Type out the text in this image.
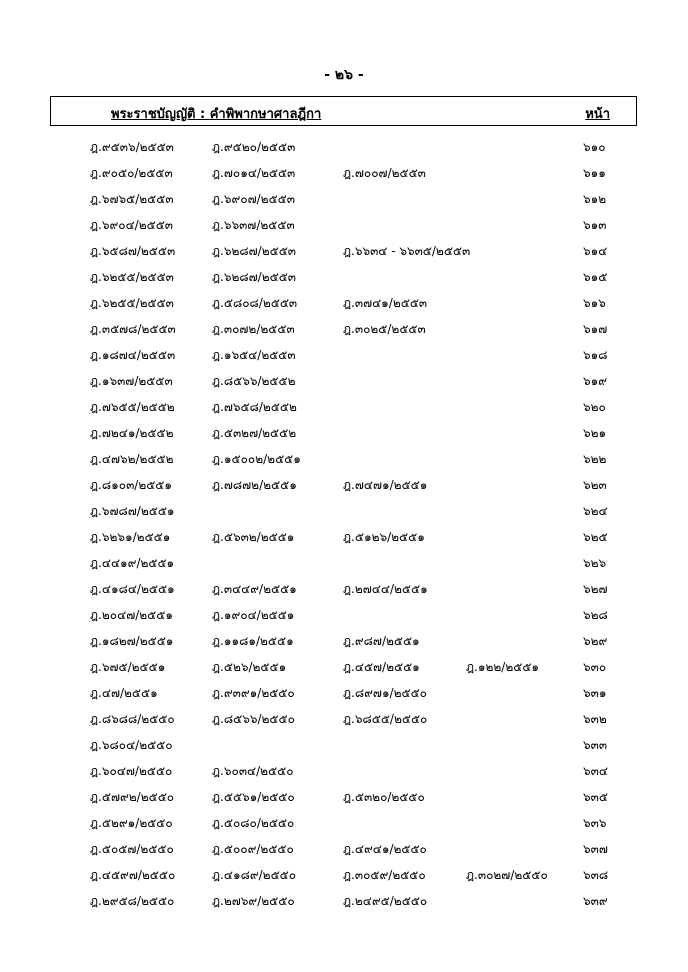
- ๒๖ -
พระราชบัญญัติ : คำพิพากษาศาลฎีกา	หน้า
ฎ.๙๕๓๖/๒๕๕๓	ฎ.๙๕๒๐/๒๕๕๓	๖๑๐
ฎ.๙๐๕๐/๒๕๕๓	ฎ.๗๐๑๔/๒๕๕๓	ฎ.๗๐๐๗/๒๕๕๓	๖๑๑
ฎ.๖๗๖๕/๒๕๕๓	ฎ.๖๙๐๗/๒๕๕๓	๖๑๒
ฎ.๖๙๐๔/๒๕๕๓	ฎ.๖๖๓๗/๒๕๕๓	๖๑๓
ฎ.๖๕๘๗/๒๕๕๓	ฎ.๖๒๘๗/๒๕๕๓	ฎ.๖๖๓๔ - ๖๖๓๕/๒๕๕๓	๖๑๔
ฎ.๖๒๕๕/๒๕๕๓	ฎ.๖๒๘๗/๒๕๕๓	๖๑๕
ฎ.๖๒๕๕/๒๕๕๓	ฎ.๕๘๐๘/๒๕๕๓	ฎ.๓๗๔๑/๒๕๕๓	๖๑๖
ฎ.๓๕๗๘/๒๕๕๓	ฎ.๓๐๗๒/๒๕๕๓	ฎ.๓๐๒๕/๒๕๕๓	๖๑๗
ฎ.๑๘๗๔/๒๕๕๓	ฎ.๑๖๕๔/๒๕๕๓	๖๑๘
ฎ.๑๖๓๗/๒๕๕๓	ฎ.๘๕๖๖/๒๕๕๒	๖๑๙
ฎ.๗๖๕๕/๒๕๕๒	ฎ.๗๖๕๘/๒๕๕๒	๖๒๐
ฎ.๗๒๔๑/๒๕๕๒	ฎ.๕๓๒๗/๒๕๕๒	๖๒๑
ฎ.๔๗๖๒/๒๕๕๒	ฎ.๑๕๐๐๒/๒๕๕๑	๖๒๒
ฎ.๘๑๐๓/๒๕๕๑	ฎ.๗๘๗๒/๒๕๕๑	ฎ.๗๔๗๑/๒๕๕๑	๖๒๓
ฎ.๖๗๘๗/๒๕๕๑	๖๒๔
ฎ.๖๒๖๑/๒๕๕๑	ฎ.๕๖๓๒/๒๕๕๑	ฎ.๕๑๒๖/๒๕๕๑	๖๒๕
ฎ.๔๔๑๙/๒๕๕๑	๖๒๖
ฎ.๔๑๘๔/๒๕๕๑	ฎ.๓๔๔๙/๒๕๕๑	ฎ.๒๗๔๔/๒๕๕๑	๖๒๗
ฎ.๒๐๔๗/๒๕๕๑	ฎ.๑๙๐๔/๒๕๕๑	๖๒๘
ฎ.๑๘๒๗/๒๕๕๑	ฎ.๑๑๘๑/๒๕๕๑	ฎ.๙๘๗/๒๕๕๑	๖๒๙
ฎ.๖๗๕/๒๕๕๑	ฎ.๕๒๖/๒๕๕๑	ฎ.๔๕๗/๒๕๕๑	ฎ.๑๒๒/๒๕๕๑	๖๓๐
ฎ.๔๗/๒๕๕๑	ฎ.๙๓๙๑/๒๕๕๐	ฎ.๘๙๗๑/๒๕๕๐	๖๓๑
ฎ.๘๖๘๘/๒๕๕๐	ฎ.๘๕๖๖/๒๕๕๐	ฎ.๖๘๕๕/๒๕๕๐	๖๓๒
ฎ.๖๘๐๔/๒๕๕๐	๖๓๓
ฎ.๖๐๔๗/๒๕๕๐	ฎ.๖๐๓๔/๒๕๕๐	๖๓๔
ฎ.๕๗๙๒/๒๕๕๐	ฎ.๕๕๖๑/๒๕๕๐	ฎ.๕๓๒๐/๒๕๕๐	๖๓๕
ฎ.๕๒๙๑/๒๕๕๐	ฎ.๕๐๘๐/๒๕๕๐	๖๓๖
ฎ.๕๐๕๗/๒๕๕๐	ฎ.๕๐๐๙/๒๕๕๐	ฎ.๔๙๔๑/๒๕๕๐	๖๓๗
ฎ.๔๕๙๗/๒๕๕๐	ฎ.๔๑๘๙/๒๕๕๐	ฎ.๓๐๕๙/๒๕๕๐	ฎ.๓๐๒๗/๒๕๕๐	๖๓๘
ฎ.๒๙๕๘/๒๕๕๐	ฎ.๒๗๖๙/๒๕๕๐	ฎ.๒๔๙๕/๒๕๕๐	๖๓๙
